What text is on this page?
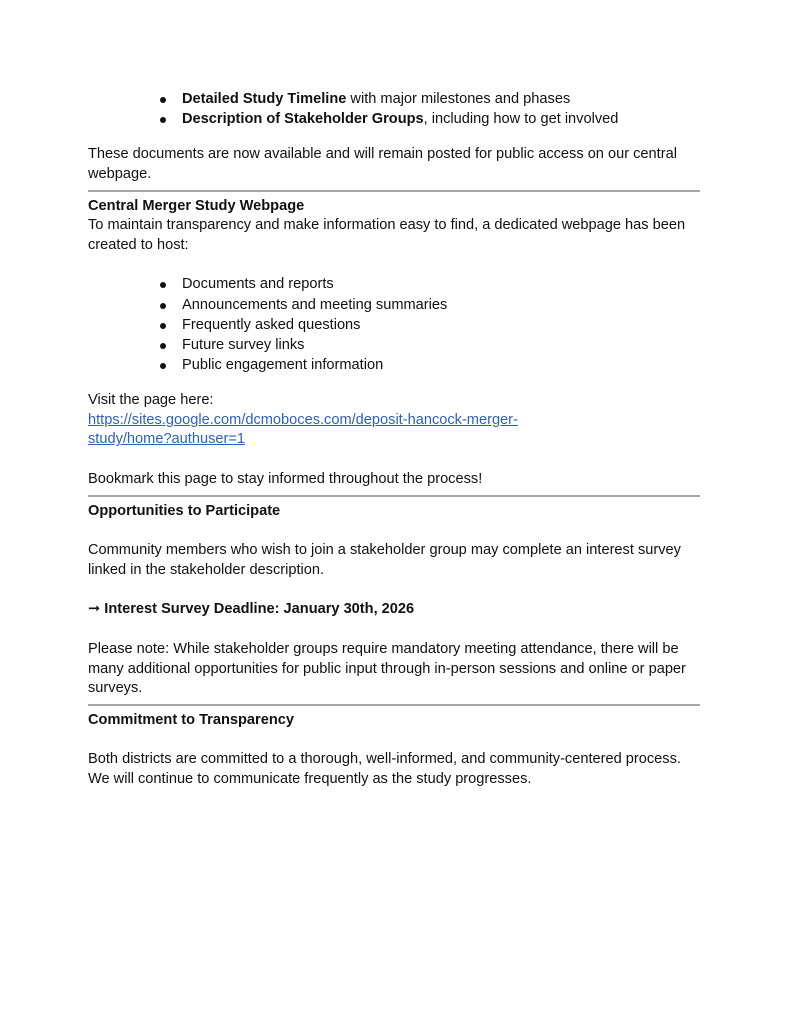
Detailed Study Timeline with major milestones and phases
Description of Stakeholder Groups, including how to get involved

These documents are now available and will remain posted for public access on our central webpage.

Central Merger Study Webpage

To maintain transparency and make information easy to find, a dedicated webpage has been created to host:

Documents and reports
Announcements and meeting summaries
Frequently asked questions
Future survey links
Public engagement information

Visit the page here:

https://sites.google.com/dcmoboces.com/deposit-hancock-merger-
study/home?authuser=1

Bookmark this page to stay informed throughout the process!

Opportunities to Participate

Community members who wish to join a stakeholder group may complete an interest survey linked in the stakeholder description.

➞ Interest Survey Deadline: January 30th, 2026

Please note: While stakeholder groups require mandatory meeting attendance, there will be many additional opportunities for public input through in-person sessions and online or paper surveys.

Commitment to Transparency

Both districts are committed to a thorough, well-informed, and community-centered process. We will continue to communicate frequently as the study progresses.
